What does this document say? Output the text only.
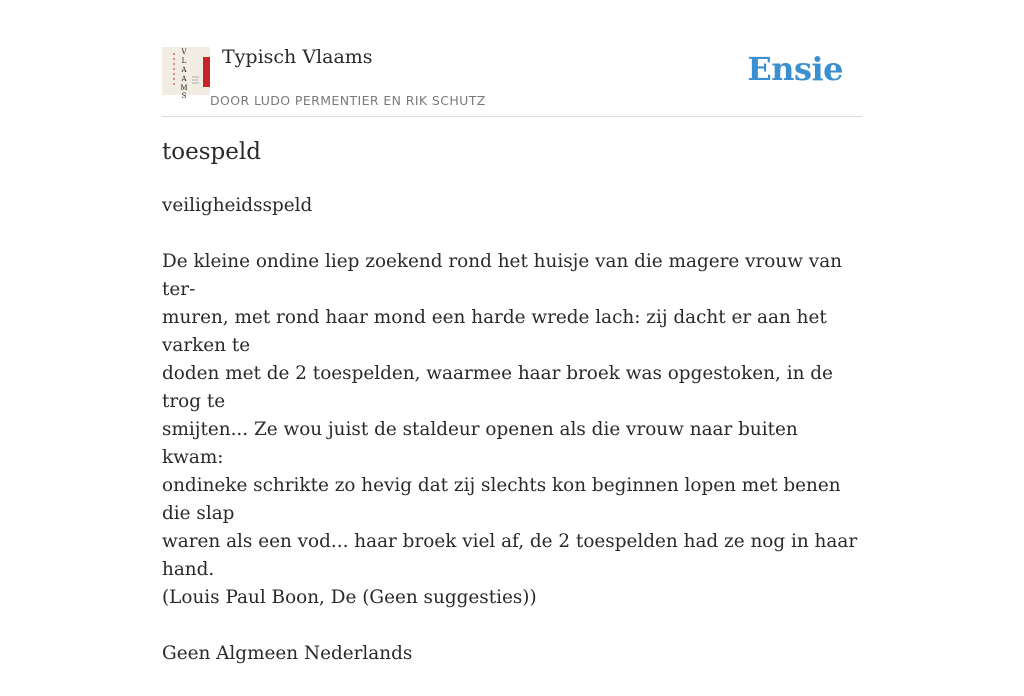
V
L
A
A
M
S
Typisch Vlaams
DOOR LUDO PERMENTIER EN RIK SCHUTZ
Ensie
toespeld

veiligheidsspeld

De kleine ondine liep zoekend rond het huisje van die magere vrouw van ter-
muren, met rond haar mond een harde wrede lach: zij dacht er aan het varken te
doden met de 2 toespelden, waarmee haar broek was opgestoken, in de trog te
smijten... Ze wou juist de staldeur openen als die vrouw naar buiten kwam:
ondineke schrikte zo hevig dat zij slechts kon beginnen lopen met benen die slap
waren als een vod... haar broek viel af, de 2 toespelden had ze nog in haar hand.
(Louis Paul Boon, De (Geen suggesties))

Geen Algmeen Nederlands
